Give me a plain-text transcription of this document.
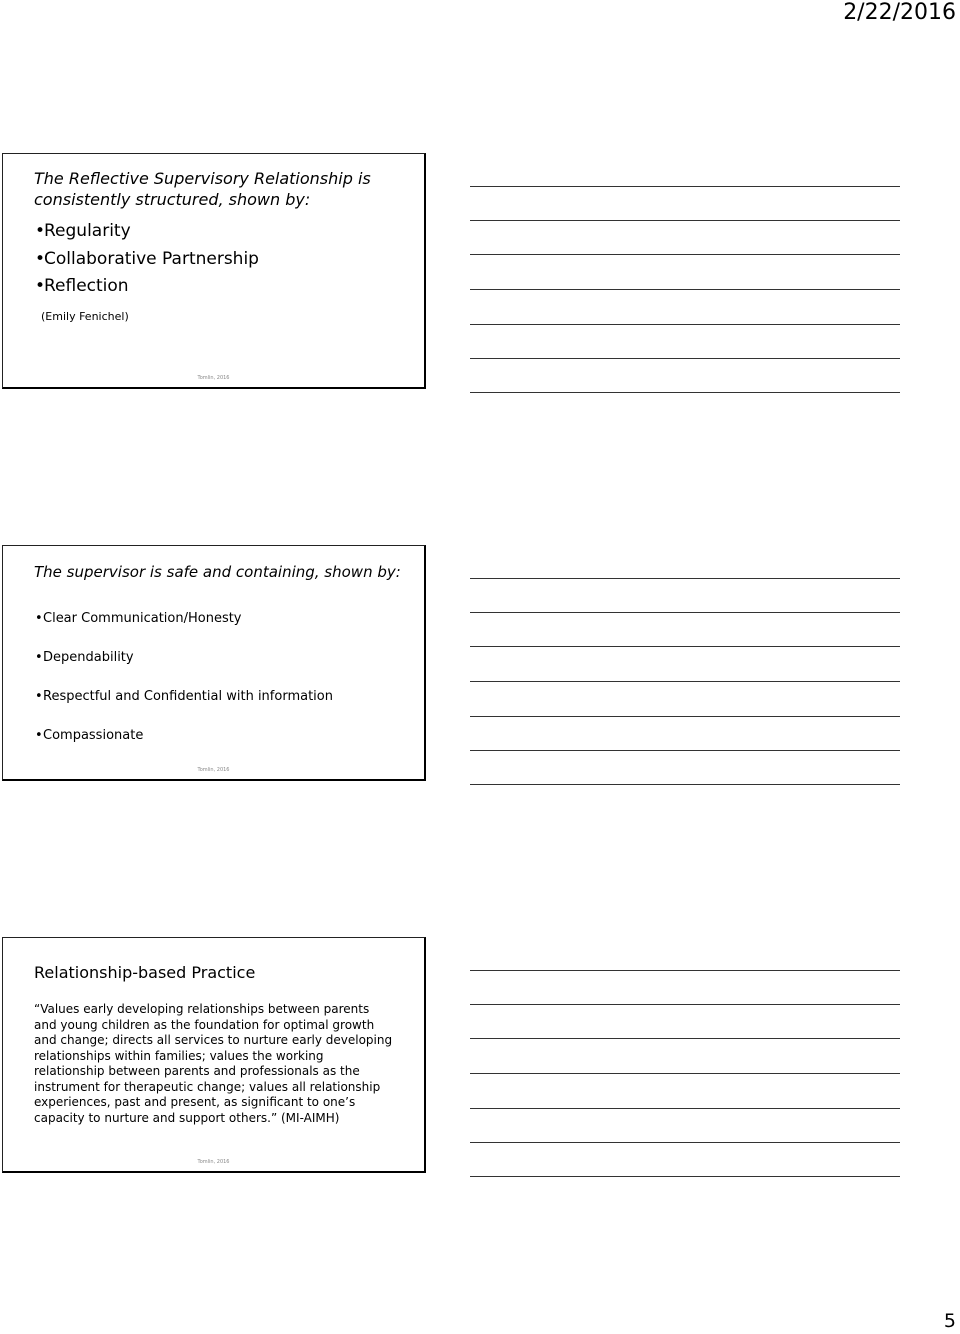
2/22/2016
The Reflective Supervisory Relationship is consistently structured, shown by:
• Regularity
• Collaborative Partnership
• Reflection
(Emily Fenichel)
Tomlin, 2016
The supervisor is safe and containing, shown by:
• Clear Communication/Honesty
• Dependability
• Respectful and Confidential with information
• Compassionate
Tomlin, 2016
Relationship-based Practice

“Values early developing relationships between parents and young children as the foundation for optimal growth and change; directs all services to nurture early developing relationships within families; values the working relationship between parents and professionals as the instrument for therapeutic change; values all relationship experiences, past and present, as significant to one’s capacity to nurture and support others.” (MI-AIMH)

Tomlin, 2016
5
